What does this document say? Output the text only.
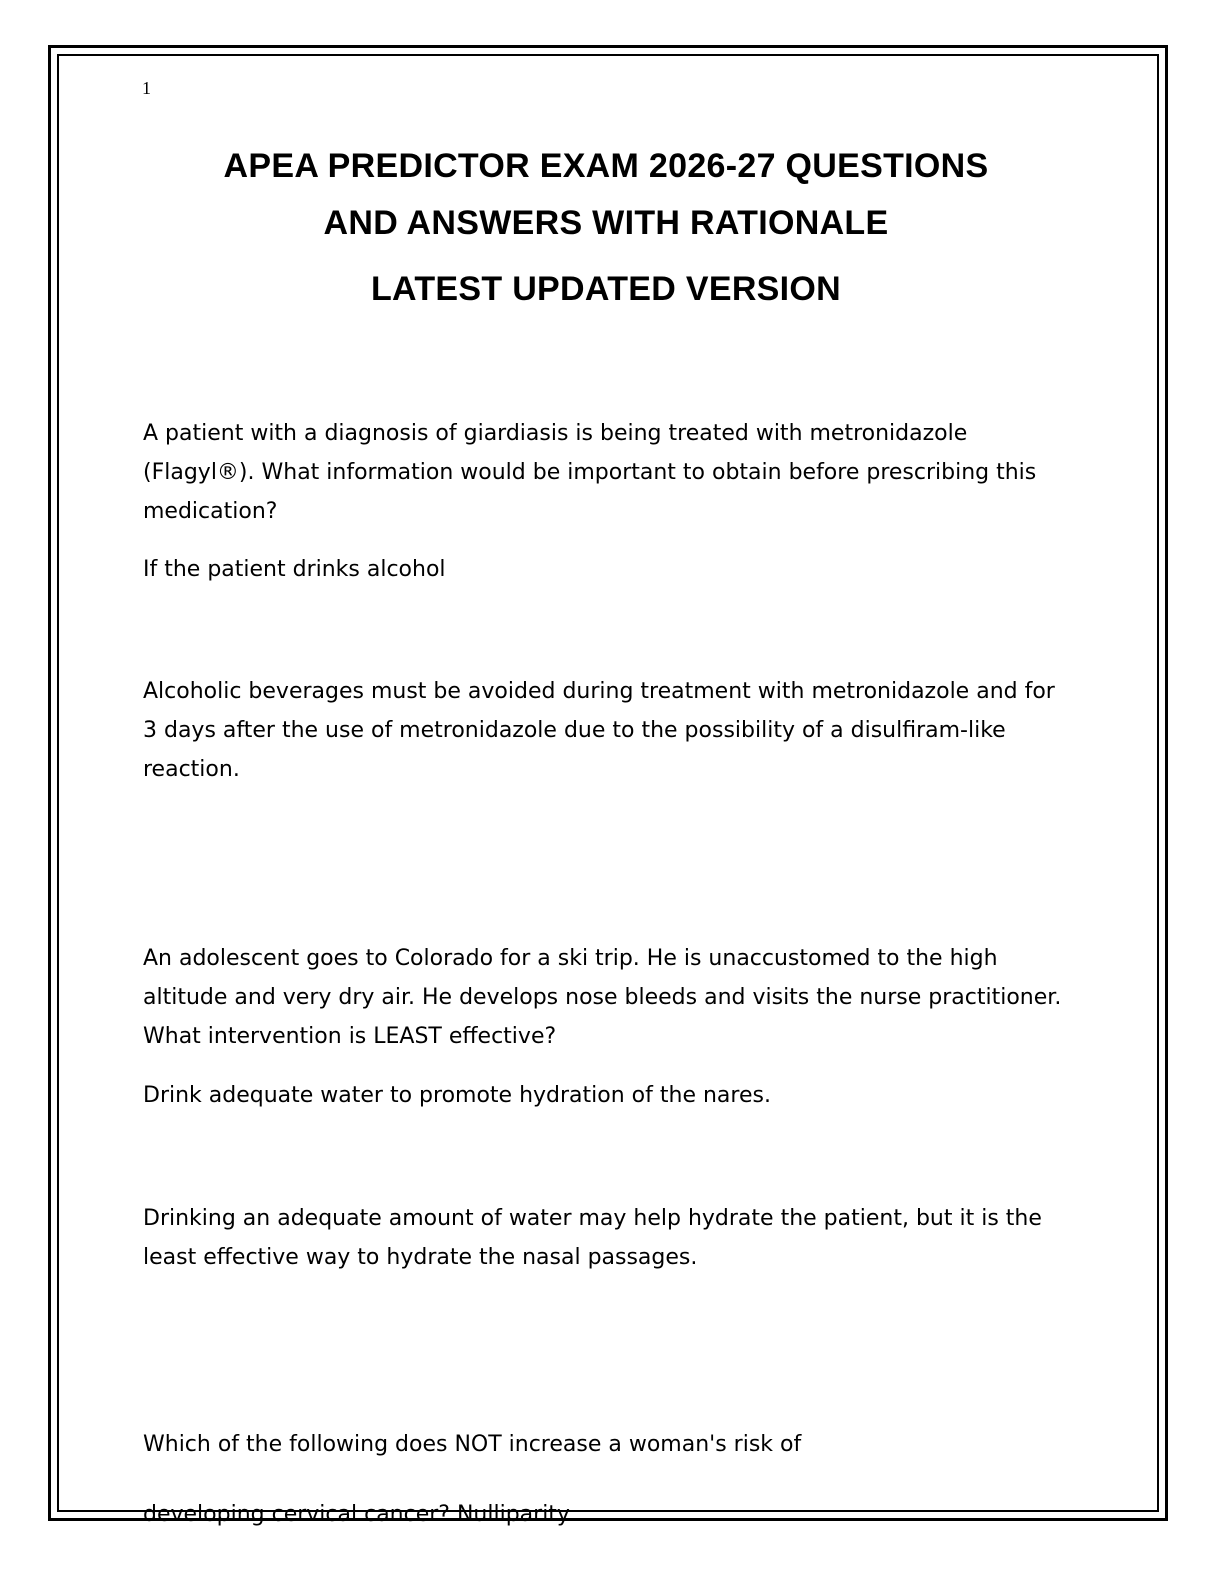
1
APEA PREDICTOR EXAM 2026-27 QUESTIONS
AND ANSWERS WITH RATIONALE
LATEST UPDATED VERSION

A patient with a diagnosis of giardiasis is being treated with metronidazole (Flagyl®). What information would be important to obtain before prescribing this medication?

If the patient drinks alcohol

Alcoholic beverages must be avoided during treatment with metronidazole and for 3 days after the use of metronidazole due to the possibility of a disulfiram-like reaction.

An adolescent goes to Colorado for a ski trip. He is unaccustomed to the high altitude and very dry air. He develops nose bleeds and visits the nurse practitioner. What intervention is LEAST effective?

Drink adequate water to promote hydration of the nares.

Drinking an adequate amount of water may help hydrate the patient, but it is the least effective way to hydrate the nasal passages.

Which of the following does NOT increase a woman's risk of

developing cervical cancer? Nulliparity
